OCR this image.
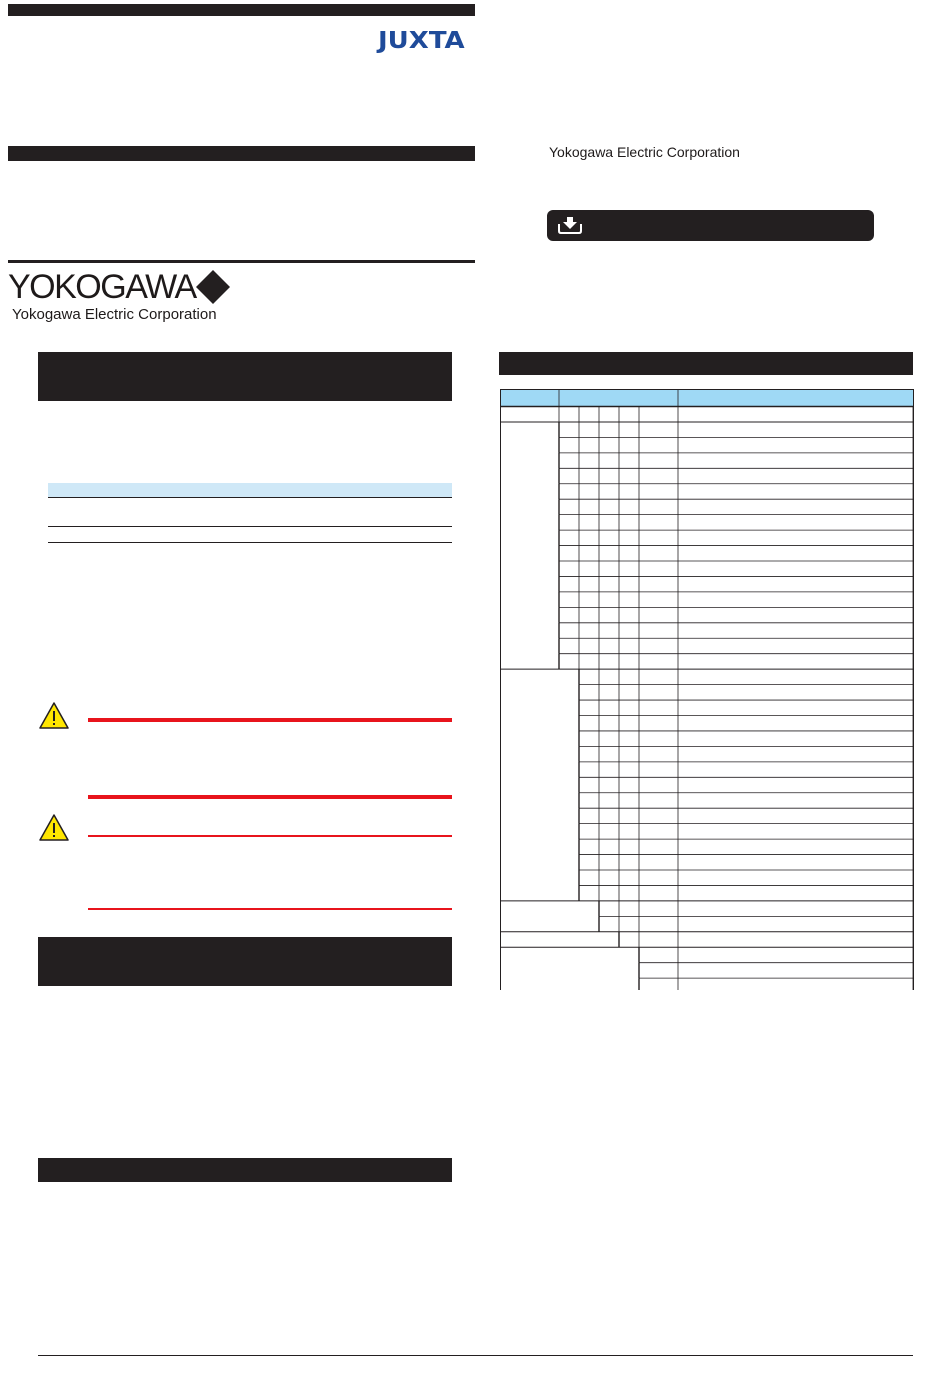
JUXTA
YOKOGAWA
Yokogawa Electric Corporation
Yokogawa Electric Corporation
